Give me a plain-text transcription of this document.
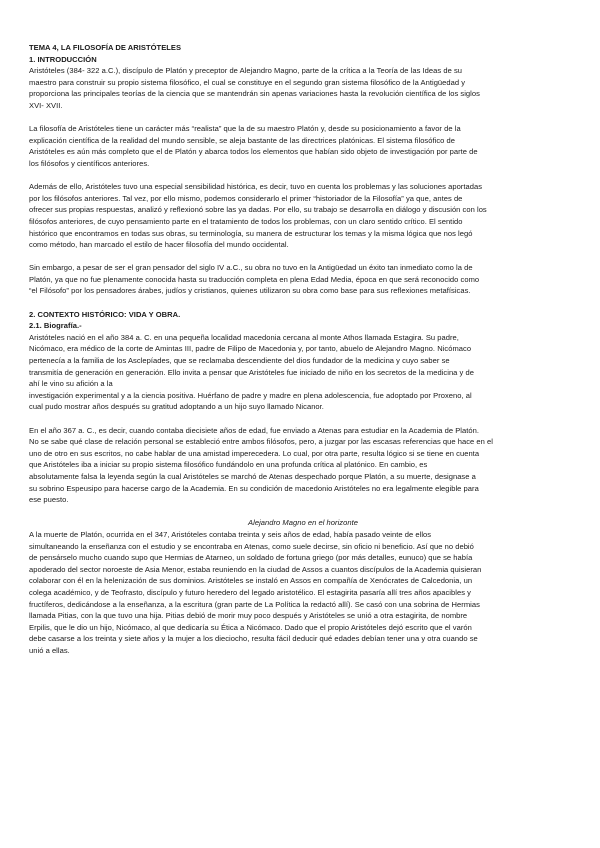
TEMA 4, LA FILOSOFÍA DE ARISTÓTELES

1. INTRODUCCIÓN

Aristóteles (384- 322 a.C.), discípulo de Platón y preceptor de Alejandro Magno, parte de la crítica a la Teoría de las Ideas de su

maestro para construir su propio sistema filosófico, el cual se constituye en el segundo gran sistema filosófico de la Antigüedad y

proporciona las principales teorías de la ciencia que se mantendrán sin apenas variaciones hasta la revolución científica de los siglos

XVI- XVII.

La filosofía de Aristóteles tiene un carácter más “realista” que la de su maestro Platón y, desde su posicionamiento a favor de la

explicación científica de la realidad del mundo sensible, se aleja bastante de las directrices platónicas. El sistema filosófico de

Aristóteles es aún más completo que el de Platón y abarca todos los elementos que habían sido objeto de investigación por parte de

los filósofos y científicos anteriores.

Además de ello, Aristóteles tuvo una especial sensibilidad histórica, es decir, tuvo en cuenta los problemas y las soluciones aportadas

por los filósofos anteriores. Tal vez, por ello mismo, podemos considerarlo el primer “historiador de la Filosofía” ya que, antes de

ofrecer sus propias respuestas, analizó y reflexionó sobre las ya dadas. Por ello, su trabajo se desarrolla en diálogo y discusión con los

filósofos anteriores, de cuyo pensamiento parte en el tratamiento de todos los problemas, con un claro sentido crítico. El sentido

histórico que encontramos en todas sus obras, su terminología, su manera de estructurar los temas y la misma lógica que nos legó

como método, han marcado el estilo de hacer filosofía del mundo occidental.

Sin embargo, a pesar de ser el gran pensador del siglo IV a.C., su obra no tuvo en la Antigüedad un éxito tan inmediato como la de

Platón, ya que no fue plenamente conocida hasta su traducción completa en plena Edad Media, época en que será reconocido como

“el Filósofo” por los pensadores árabes, judíos y cristianos, quienes utilizaron su obra como base para sus reflexiones metafísicas.

2. CONTEXTO HISTÓRICO: VIDA Y OBRA.

2.1. Biografía.-

Aristóteles nació en el año 384 a. C. en una pequeña localidad macedonia cercana al monte Athos llamada Estagira. Su padre,

Nicómaco, era médico de la corte de Amintas III, padre de Filipo de Macedonia y, por tanto, abuelo de Alejandro Magno. Nicómaco

pertenecía a la familia de los Asclepíades, que se reclamaba descendiente del dios fundador de la medicina y cuyo saber se

transmitía de generación en generación. Ello invita a pensar que Aristóteles fue iniciado de niño en los secretos de la medicina y de

ahí le vino su afición a la

investigación experimental y a la ciencia positiva. Huérfano de padre y madre en plena adolescencia, fue adoptado por Proxeno, al

cual pudo mostrar años después su gratitud adoptando a un hijo suyo llamado Nicanor.

En el año 367 a. C., es decir, cuando contaba diecisiete años de edad, fue enviado a Atenas para estudiar en la Academia de Platón.

No se sabe qué clase de relación personal se estableció entre ambos filósofos, pero, a juzgar por las escasas referencias que hace en el

uno de otro en sus escritos, no cabe hablar de una amistad imperecedera. Lo cual, por otra parte, resulta lógico si se tiene en cuenta

que Aristóteles iba a iniciar su propio sistema filosófico fundándolo en una profunda crítica al platónico. En cambio, es

absolutamente falsa la leyenda según la cual Aristóteles se marchó de Atenas despechado porque Platón, a su muerte, designase a

su sobrino Espeusipo para hacerse cargo de la Academia. En su condición de macedonio Aristóteles no era legalmente elegible para

ese puesto.

Alejandro Magno en el horizonte

A la muerte de Platón, ocurrida en el 347, Aristóteles contaba treinta y seis años de edad, había pasado veinte de ellos

simultaneando la enseñanza con el estudio y se encontraba en Atenas, como suele decirse, sin oficio ni beneficio. Así que no debió

de pensárselo mucho cuando supo que Hermias de Atarneo, un soldado de fortuna griego (por más detalles, eunuco) que se había

apoderado del sector noroeste de Asia Menor, estaba reuniendo en la ciudad de Assos a cuantos discípulos de la Academia quisieran

colaborar con él en la helenización de sus dominios. Aristóteles se instaló en Assos en compañía de Xenócrates de Calcedonia, un

colega académico, y de Teofrasto, discípulo y futuro heredero del legado aristotélico. El estagirita pasaría allí tres años apacibles y

fructíferos, dedicándose a la enseñanza, a la escritura (gran parte de La Política la redactó allí). Se casó con una sobrina de Hermias

llamada Pitias, con la que tuvo una hija. Pitias debió de morir muy poco después y Aristóteles se unió a otra estagirita, de nombre

Erpilis, que le dio un hijo, Nicómaco, al que dedicaría su Ética a Nicómaco. Dado que el propio Aristóteles dejó escrito que el varón

debe casarse a los treinta y siete años y la mujer a los dieciocho, resulta fácil deducir qué edades debían tener una y otra cuando se

unió a ellas.
